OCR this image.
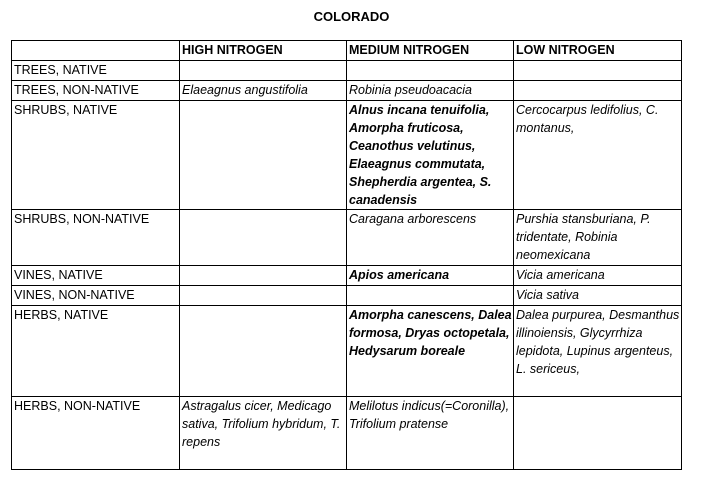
COLORADO
	HIGH NITROGEN	MEDIUM NITROGEN	LOW NITROGEN
TREES, NATIVE			
TREES, NON-NATIVE	Elaeagnus angustifolia	Robinia pseudoacacia	
SHRUBS, NATIVE		Alnus incana tenuifolia, Amorpha fruticosa, Ceanothus velutinus, Elaeagnus commutata, Shepherdia argentea, S. canadensis	Cercocarpus ledifolius, C. montanus,
SHRUBS, NON-NATIVE		Caragana arborescens	Purshia stansburiana, P. tridentate, Robinia neomexicana
VINES, NATIVE		Apios americana	Vicia americana
VINES, NON-NATIVE			Vicia sativa
HERBS, NATIVE		Amorpha canescens, Dalea formosa, Dryas octopetala, Hedysarum boreale	Dalea purpurea, Desmanthus illinoiensis, Glycyrrhiza lepidota, Lupinus argenteus, L. sericeus,
HERBS, NON-NATIVE	Astragalus cicer, Medicago sativa, Trifolium hybridum, T. repens	Melilotus indicus(=Coronilla), Trifolium pratense	
